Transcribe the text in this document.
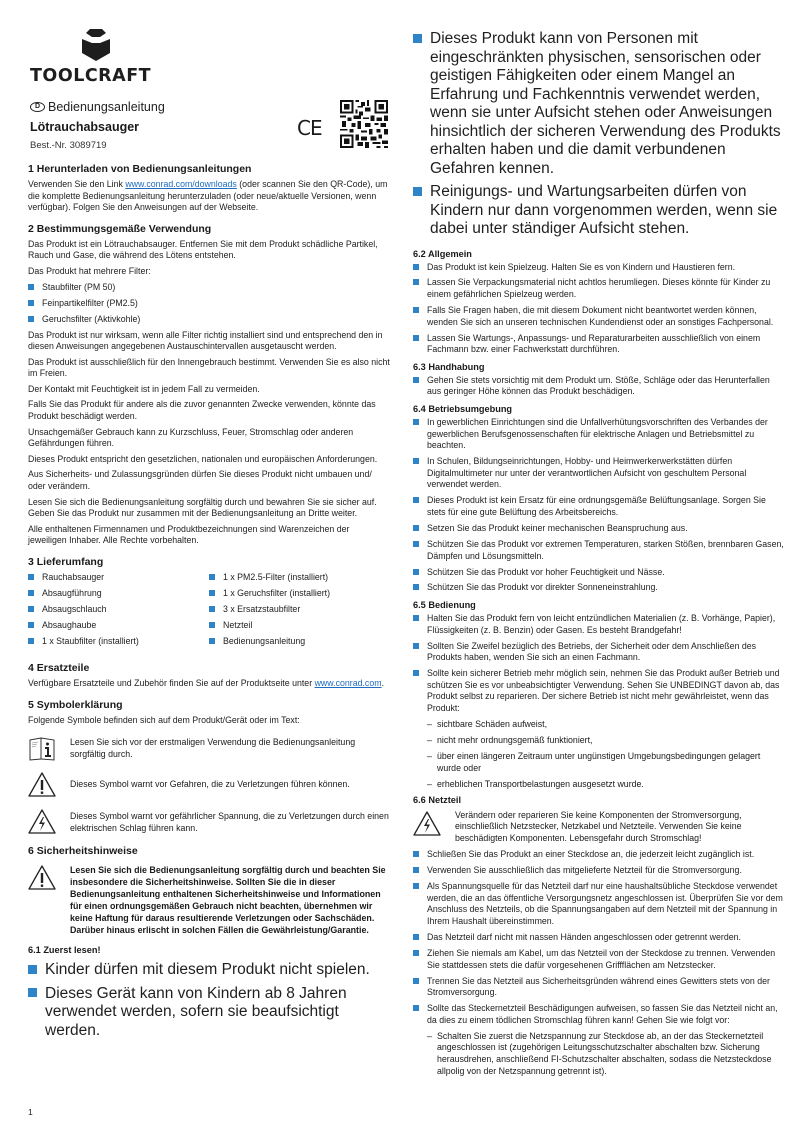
TOOLCRAFT
D Bedienungsanleitung
Lötrauchabsauger
Best.-Nr. 3089719
CE
1 Herunterladen von Bedienungsanleitungen

Verwenden Sie den Link www.conrad.com/downloads (oder scannen Sie den QR-Code), um die komplette Bedienungsanleitung herunterzuladen (oder neue/aktuelle Versionen, wenn verfügbar). Folgen Sie den Anweisungen auf der Webseite.

2 Bestimmungsgemäße Verwendung

Das Produkt ist ein Lötrauchabsauger. Entfernen Sie mit dem Produkt schädliche Partikel, Rauch und Gase, die während des Lötens entstehen.

Das Produkt hat mehrere Filter:

Staubfilter (PM 50)
Feinpartikelfilter (PM2.5)
Geruchsfilter (Aktivkohle)

Das Produkt ist nur wirksam, wenn alle Filter richtig installiert sind und entsprechend den in diesen Anweisungen angegebenen Austauschintervallen ausgetauscht werden.

Das Produkt ist ausschließlich für den Innengebrauch bestimmt. Verwenden Sie es also nicht im Freien.

Der Kontakt mit Feuchtigkeit ist in jedem Fall zu vermeiden.

Falls Sie das Produkt für andere als die zuvor genannten Zwecke verwenden, könnte das Produkt beschädigt werden.

Unsachgemäßer Gebrauch kann zu Kurzschluss, Feuer, Stromschlag oder anderen Gefährdungen führen.

Dieses Produkt entspricht den gesetzlichen, nationalen und europäischen Anforderungen.

Aus Sicherheits- und Zulassungsgründen dürfen Sie dieses Produkt nicht umbauen und/ oder verändern.

Lesen Sie sich die Bedienungsanleitung sorgfältig durch und bewahren Sie sie sicher auf. Geben Sie das Produkt nur zusammen mit der Bedienungsanleitung an Dritte weiter.

Alle enthaltenen Firmennamen und Produktbezeichnungen sind Warenzeichen der jeweiligen Inhaber. Alle Rechte vorbehalten.

3 Lieferumfang
Rauchabsauger
Absaugführung
Absaugschlauch
Absaughaube
1 x Staubfilter (installiert)
1 x PM2.5-Filter (installiert)
1 x Geruchsfilter (installiert)
3 x Ersatzstaubfilter
Netzteil
Bedienungsanleitung
4 Ersatzteile

Verfügbare Ersatzteile und Zubehör finden Sie auf der Produktseite unter www.conrad.com.

5 Symbolerklärung

Folgende Symbole befinden sich auf dem Produkt/Gerät oder im Text:

Lesen Sie sich vor der erstmaligen Verwendung die Bedienungsanleitung sorgfältig durch.
Dieses Symbol warnt vor Gefahren, die zu Verletzungen führen können.
Dieses Symbol warnt vor gefährlicher Spannung, die zu Verletzungen durch einen elektrischen Schlag führen kann.
6 Sicherheitshinweise
Lesen Sie sich die Bedienungsanleitung sorgfältig durch und beachten Sie insbesondere die Sicherheitshinweise. Sollten Sie die in dieser Bedienungsanleitung enthaltenen Sicherheitshinweise und Informationen für einen ordnungsgemäßen Gebrauch nicht beachten, übernehmen wir keine Haftung für daraus resultierende Verletzungen oder Sachschäden. Darüber hinaus erlischt in solchen Fällen die Gewährleistung/Garantie.
6.1 Zuerst lesen!
Kinder dürfen mit diesem Produkt nicht spielen.
Dieses Gerät kann von Kindern ab 8 Jahren verwendet werden, sofern sie beaufsichtigt werden.
Dieses Produkt kann von Personen mit eingeschränkten physischen, sensorischen oder geistigen Fähigkeiten oder einem Mangel an Erfahrung und Fachkenntnis verwendet werden, wenn sie unter Aufsicht stehen oder Anweisungen hinsichtlich der sicheren Verwendung des Produkts erhalten haben und die damit verbundenen Gefahren kennen.
Reinigungs- und Wartungsarbeiten dürfen von Kindern nur dann vorgenommen werden, wenn sie dabei unter ständiger Aufsicht stehen.
6.2 Allgemein
Das Produkt ist kein Spielzeug. Halten Sie es von Kindern und Haustieren fern.
Lassen Sie Verpackungsmaterial nicht achtlos herumliegen. Dieses könnte für Kinder zu einem gefährlichen Spielzeug werden.
Falls Sie Fragen haben, die mit diesem Dokument nicht beantwortet werden können, wenden Sie sich an unseren technischen Kundendienst oder an sonstiges Fachpersonal.
Lassen Sie Wartungs-, Anpassungs- und Reparaturarbeiten ausschließlich von einem Fachmann bzw. einer Fachwerkstatt durchführen.
6.3 Handhabung
Gehen Sie stets vorsichtig mit dem Produkt um. Stöße, Schläge oder das Herunterfallen aus geringer Höhe können das Produkt beschädigen.
6.4 Betriebsumgebung
In gewerblichen Einrichtungen sind die Unfallverhütungsvorschriften des Verbandes der gewerblichen Berufsgenossenschaften für elektrische Anlagen und Betriebsmittel zu beachten.
In Schulen, Bildungseinrichtungen, Hobby- und Heimwerkerwerkstätten dürfen Digitalmultimeter nur unter der verantwortlichen Aufsicht von geschultem Personal verwendet werden.
Dieses Produkt ist kein Ersatz für eine ordnungsgemäße Belüftungsanlage. Sorgen Sie stets für eine gute Belüftung des Arbeitsbereichs.
Setzen Sie das Produkt keiner mechanischen Beanspruchung aus.
Schützen Sie das Produkt vor extremen Temperaturen, starken Stößen, brennbaren Gasen, Dämpfen und Lösungsmitteln.
Schützen Sie das Produkt vor hoher Feuchtigkeit und Nässe.
Schützen Sie das Produkt vor direkter Sonneneinstrahlung.
6.5 Bedienung
Halten Sie das Produkt fern von leicht entzündlichen Materialien (z. B. Vorhänge, Papier), Flüssigkeiten (z. B. Benzin) oder Gasen. Es besteht Brandgefahr!
Sollten Sie Zweifel bezüglich des Betriebs, der Sicherheit oder dem Anschließen des Produkts haben, wenden Sie sich an einen Fachmann.
Sollte kein sicherer Betrieb mehr möglich sein, nehmen Sie das Produkt außer Betrieb und schützen Sie es vor unbeabsichtigter Verwendung. Sehen Sie UNBEDINGT davon ab, das Produkt selbst zu reparieren. Der sichere Betrieb ist nicht mehr gewährleistet, wenn das Produkt:
– sichtbare Schäden aufweist,
– nicht mehr ordnungsgemäß funktioniert,
– über einen längeren Zeitraum unter ungünstigen Umgebungsbedingungen gelagert wurde oder
– erheblichen Transportbelastungen ausgesetzt wurde.
6.6 Netzteil
Verändern oder reparieren Sie keine Komponenten der Stromversorgung, einschließlich Netzstecker, Netzkabel und Netzteile. Verwenden Sie keine beschädigten Komponenten. Lebensgefahr durch Stromschlag!
Schließen Sie das Produkt an einer Steckdose an, die jederzeit leicht zugänglich ist.
Verwenden Sie ausschließlich das mitgelieferte Netzteil für die Stromversorgung.
Als Spannungsquelle für das Netzteil darf nur eine haushaltsübliche Steckdose verwendet werden, die an das öffentliche Versorgungsnetz angeschlossen ist. Überprüfen Sie vor dem Anschluss des Netzteils, ob die Spannungsangaben auf dem Netzteil mit der Spannung in Ihrem Haushalt übereinstimmen.
Das Netzteil darf nicht mit nassen Händen angeschlossen oder getrennt werden.
Ziehen Sie niemals am Kabel, um das Netzteil von der Steckdose zu trennen. Verwenden Sie stattdessen stets die dafür vorgesehenen Griffflächen am Netzstecker.
Trennen Sie das Netzteil aus Sicherheitsgründen während eines Gewitters stets von der Stromversorgung.
Sollte das Steckernetzteil Beschädigungen aufweisen, so fassen Sie das Netzteil nicht an, da dies zu einem tödlichen Stromschlag führen kann! Gehen Sie wie folgt vor:
– Schalten Sie zuerst die Netzspannung zur Steckdose ab, an der das Steckernetzteil angeschlossen ist (zugehörigen Leitungsschutzschalter abschalten bzw. Sicherung herausdrehen, anschließend FI-Schutzschalter abschalten, sodass die Netzsteckdose allpolig von der Netzspannung getrennt ist).
1
